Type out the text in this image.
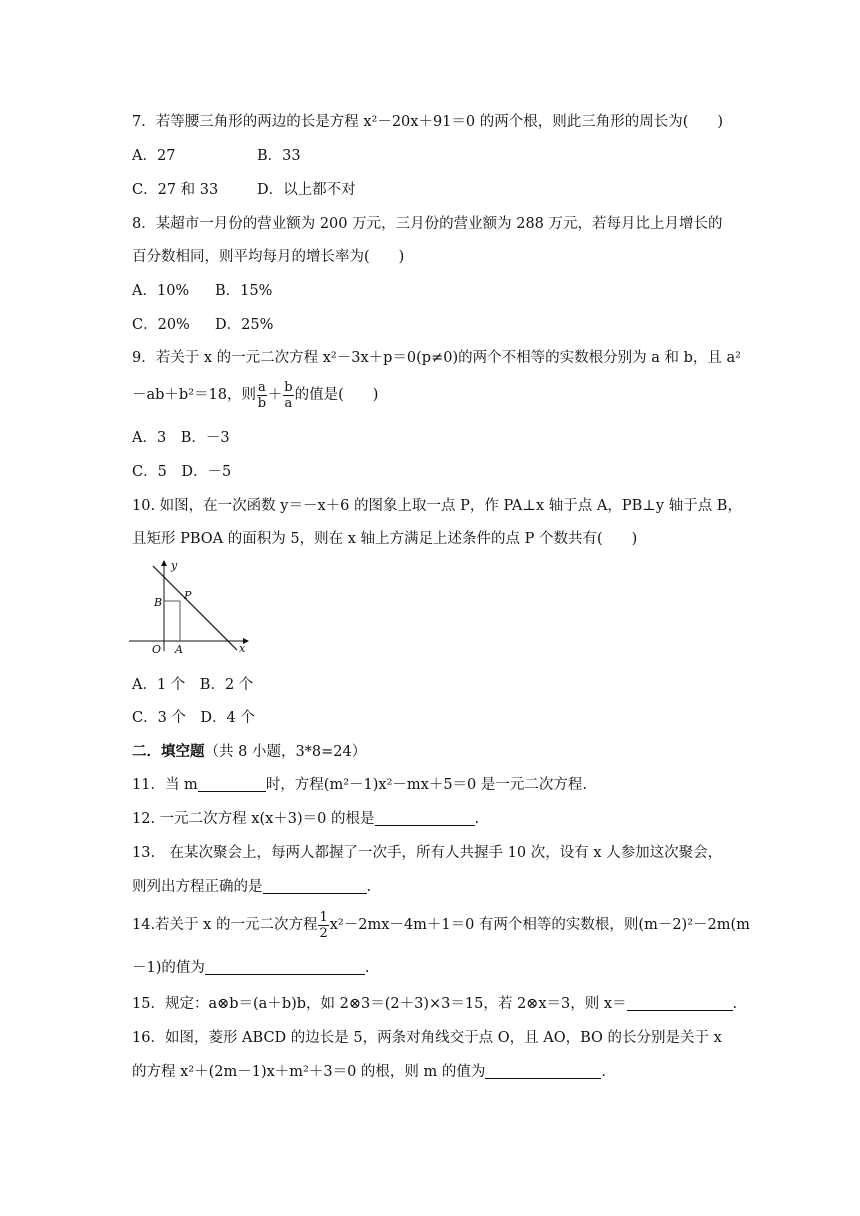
7．若等腰三角形的两边的长是方程 x²－20x＋91＝0 的两个根，则此三角形的周长为(　　)
A．27	B．33
C．27 和 33	D．以上都不对
8．某超市一月份的营业额为 200 万元，三月份的营业额为 288 万元，若每月比上月增长的
百分数相同，则平均每月的增长率为(　　)
A．10% B．15%
C．20% D．25%
9．若关于 x 的一元二次方程 x²－3x＋p＝0(p≠0)的两个不相等的实数根分别为 a 和 b，且 a²
－ab＋b²＝18，则 $\frac{a}{b} + \frac{b}{a}$ 的值是(　　)
A．3　B．－3
C．5　D．－5
10. 如图，在一次函数 y＝－x＋6 的图象上取一点 P，作 PA⊥x 轴于点 A，PB⊥y 轴于点 B，
且矩形 PBOA 的面积为 5，则在 x 轴上方满足上述条件的点 P 个数共有(　　)
y
x
O A
B
P
A．1 个　B．2 个
C．3 个　D．4 个
二．填空题（共 8 小题，3*8=24）
11．当 m	时，方程(m²－1)x²－mx＋5＝0 是一元二次方程.
12. 一元二次方程 x(x＋3)＝0 的根是	.
13.　在某次聚会上，每两人都握了一次手，所有人共握手 10 次，设有 x 人参加这次聚会，
则列出方程正确的是	.
14.若关于 x 的一元二次方程 $\frac{1}{2} x^2-2mx-4m+1=0$ 有两个相等的实数根，则(m－2)²－2m(m
－1)的值为	.
15．规定：a⊗b＝(a＋b)b，如 2⊗3＝(2＋3)×3＝15，若 2⊗x＝3，则 x＝	.
16．如图，菱形 ABCD 的边长是 5，两条对角线交于点 O，且 AO，BO 的长分别是关于 x
的方程 x²＋(2m－1)x＋m²＋3＝0 的根，则 m 的值为	.
